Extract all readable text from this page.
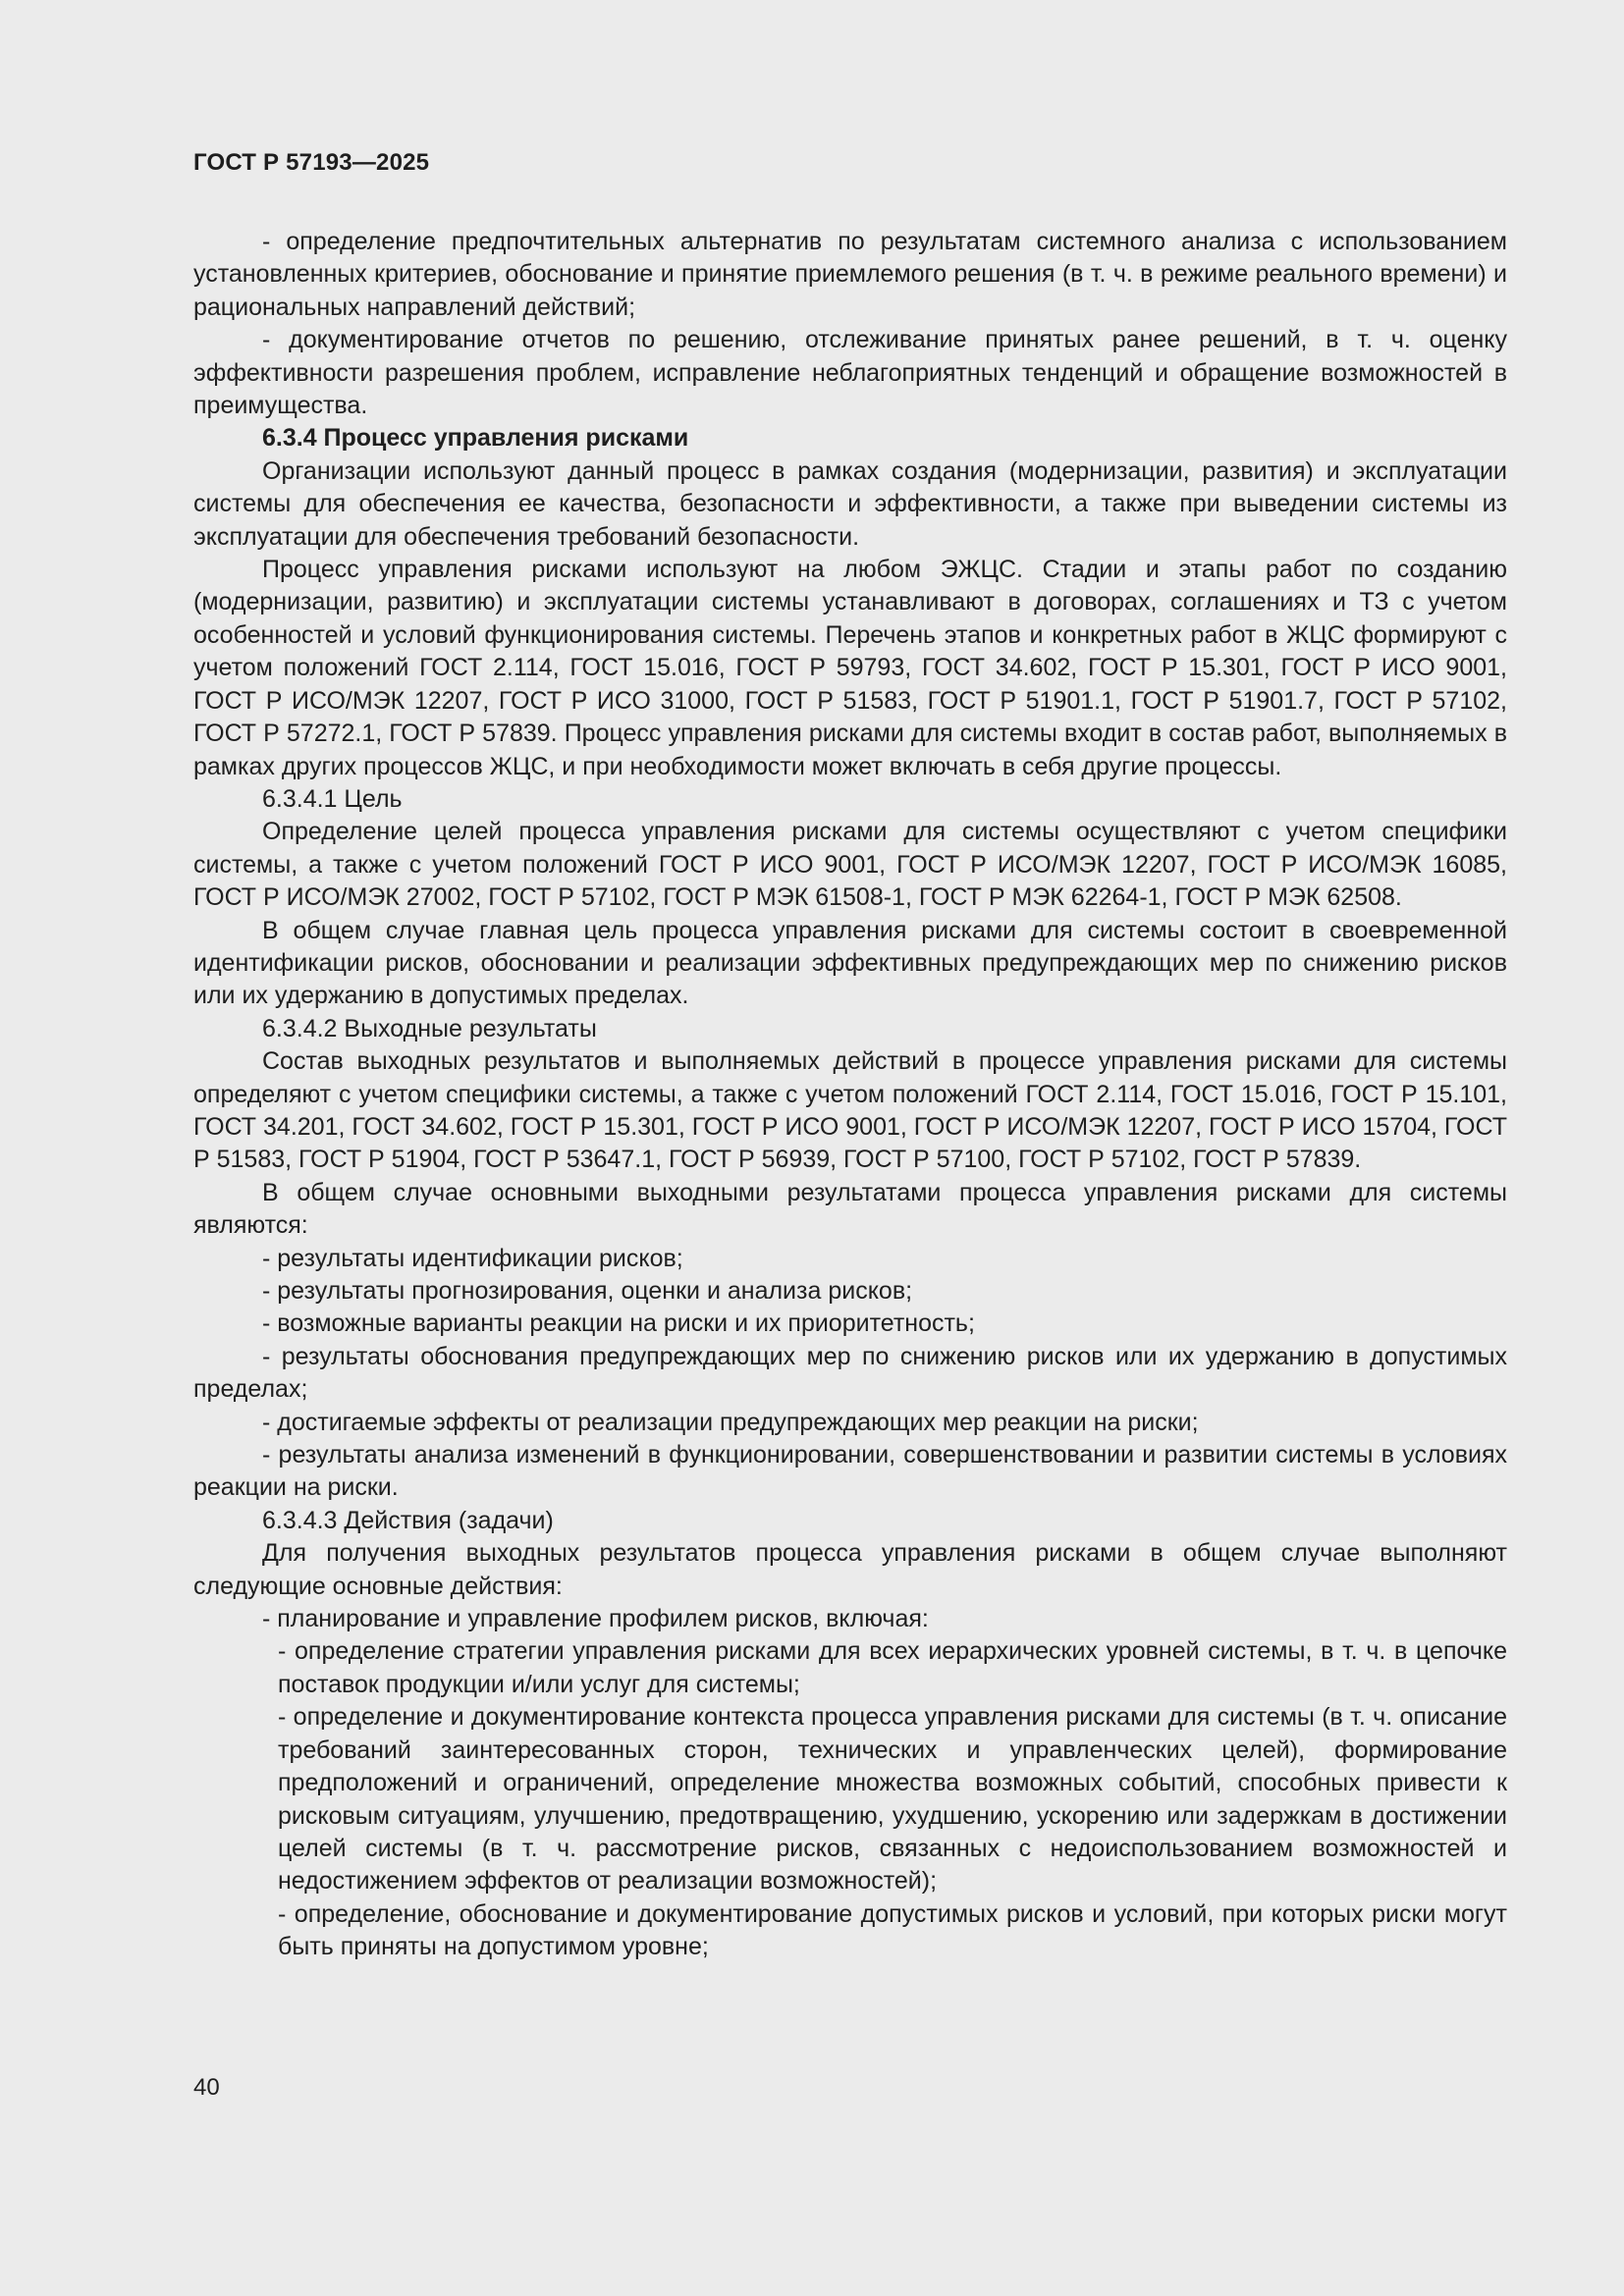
ГОСТ Р 57193—2025

- определение предпочтительных альтернатив по результатам системного анализа с использованием установленных критериев, обоснование и принятие приемлемого решения (в т. ч. в режиме реального времени) и рациональных направлений действий;

- документирование отчетов по решению, отслеживание принятых ранее решений, в т. ч. оценку эффективности разрешения проблем, исправление неблагоприятных тенденций и обращение возможностей в преимущества.

6.3.4 Процесс управления рисками

Организации используют данный процесс в рамках создания (модернизации, развития) и эксплуатации системы для обеспечения ее качества, безопасности и эффективности, а также при выведении системы из эксплуатации для обеспечения требований безопасности.

Процесс управления рисками используют на любом ЭЖЦС. Стадии и этапы работ по созданию (модернизации, развитию) и эксплуатации системы устанавливают в договорах, соглашениях и ТЗ с учетом особенностей и условий функционирования системы. Перечень этапов и конкретных работ в ЖЦС формируют с учетом положений ГОСТ 2.114, ГОСТ 15.016, ГОСТ Р 59793, ГОСТ 34.602, ГОСТ Р 15.301, ГОСТ Р ИСО 9001, ГОСТ Р ИСО/МЭК 12207, ГОСТ Р ИСО 31000, ГОСТ Р 51583, ГОСТ Р 51901.1, ГОСТ Р 51901.7, ГОСТ Р 57102, ГОСТ Р 57272.1, ГОСТ Р 57839. Процесс управления рисками для системы входит в состав работ, выполняемых в рамках других процессов ЖЦС, и при необходимости может включать в себя другие процессы.

6.3.4.1 Цель

Определение целей процесса управления рисками для системы осуществляют с учетом специфики системы, а также с учетом положений ГОСТ Р ИСО 9001, ГОСТ Р ИСО/МЭК 12207, ГОСТ Р ИСО/МЭК 16085, ГОСТ Р ИСО/МЭК 27002, ГОСТ Р 57102, ГОСТ Р МЭК 61508-1, ГОСТ Р МЭК 62264-1, ГОСТ Р МЭК 62508.

В общем случае главная цель процесса управления рисками для системы состоит в своевременной идентификации рисков, обосновании и реализации эффективных предупреждающих мер по снижению рисков или их удержанию в допустимых пределах.

6.3.4.2 Выходные результаты

Состав выходных результатов и выполняемых действий в процессе управления рисками для системы определяют с учетом специфики системы, а также с учетом положений ГОСТ 2.114, ГОСТ 15.016, ГОСТ Р 15.101, ГОСТ 34.201, ГОСТ 34.602, ГОСТ Р 15.301, ГОСТ Р ИСО 9001, ГОСТ Р ИСО/МЭК 12207, ГОСТ Р ИСО 15704, ГОСТ Р 51583, ГОСТ Р 51904, ГОСТ Р 53647.1, ГОСТ Р 56939, ГОСТ Р 57100, ГОСТ Р 57102, ГОСТ Р 57839.

В общем случае основными выходными результатами процесса управления рисками для системы являются:

- результаты идентификации рисков;

- результаты прогнозирования, оценки и анализа рисков;

- возможные варианты реакции на риски и их приоритетность;

- результаты обоснования предупреждающих мер по снижению рисков или их удержанию в допустимых пределах;

- достигаемые эффекты от реализации предупреждающих мер реакции на риски;

- результаты анализа изменений в функционировании, совершенствовании и развитии системы в условиях реакции на риски.

6.3.4.3 Действия (задачи)

Для получения выходных результатов процесса управления рисками в общем случае выполняют следующие основные действия:

- планирование и управление профилем рисков, включая:

- определение стратегии управления рисками для всех иерархических уровней системы, в т. ч. в цепочке поставок продукции и/или услуг для системы;

- определение и документирование контекста процесса управления рисками для системы (в т. ч. описание требований заинтересованных сторон, технических и управленческих целей), формирование предположений и ограничений, определение множества возможных событий, способных привести к рисковым ситуациям, улучшению, предотвращению, ухудшению, ускорению или задержкам в достижении целей системы (в т. ч. рассмотрение рисков, связанных с недоиспользованием возможностей и недостижением эффектов от реализации возможностей);

- определение, обоснование и документирование допустимых рисков и условий, при которых риски могут быть приняты на допустимом уровне;

40
